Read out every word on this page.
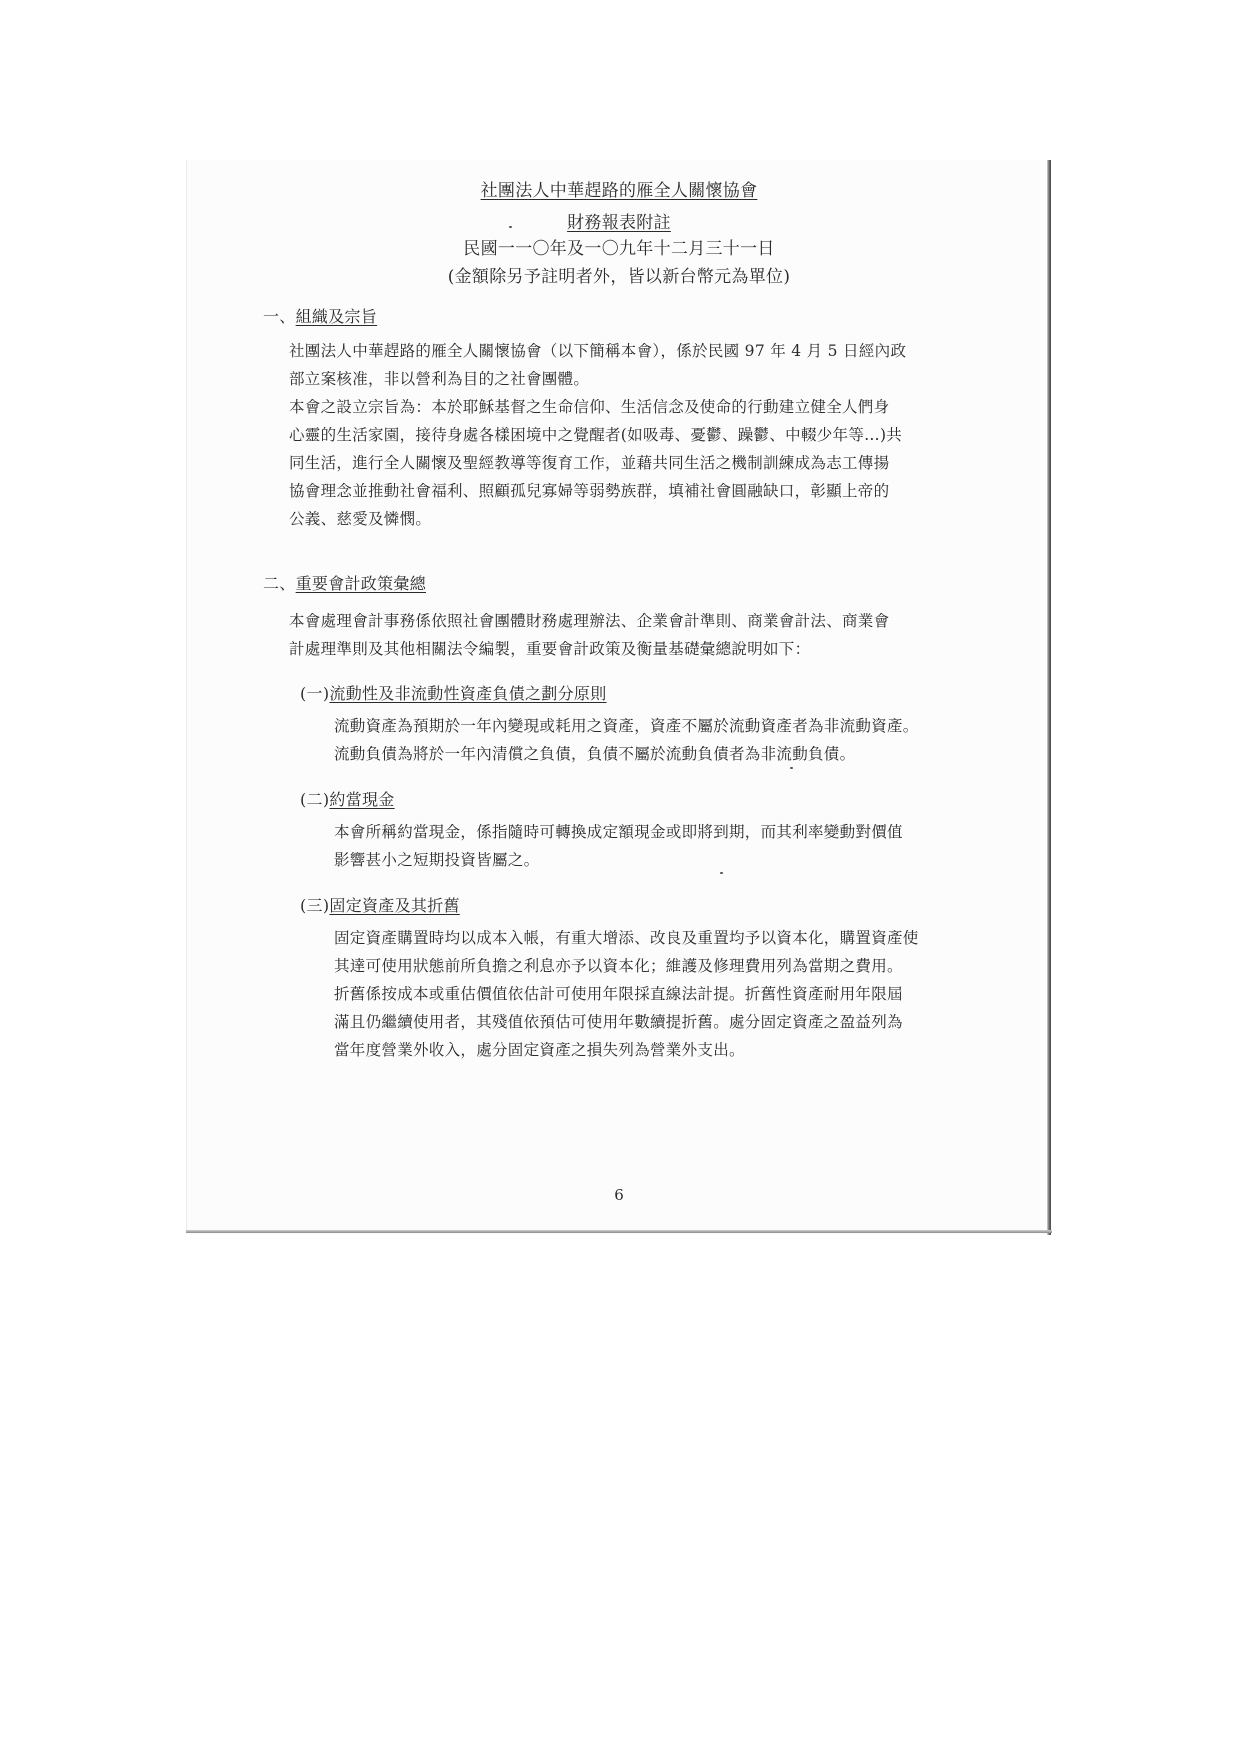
社團法人中華趕路的雁全人關懷協會
財務報表附註
民國一一〇年及一〇九年十二月三十一日
(金額除另予註明者外，皆以新台幣元為單位)
一、組織及宗旨
社團法人中華趕路的雁全人關懷協會（以下簡稱本會），係於民國 97 年 4 月 5 日經內政
部立案核准，非以營利為目的之社會團體。
本會之設立宗旨為：本於耶穌基督之生命信仰、生活信念及使命的行動建立健全人們身
心靈的生活家園，接待身處各樣困境中之覺醒者(如吸毒、憂鬱、躁鬱、中輟少年等…)共
同生活，進行全人關懷及聖經教導等復育工作，並藉共同生活之機制訓練成為志工傳揚
協會理念並推動社會福利、照顧孤兒寡婦等弱勢族群，填補社會圓融缺口，彰顯上帝的
公義、慈愛及憐憫。
二、重要會計政策彙總
本會處理會計事務係依照社會團體財務處理辦法、企業會計準則、商業會計法、商業會
計處理準則及其他相關法令編製，重要會計政策及衡量基礎彙總說明如下：
(一)流動性及非流動性資產負債之劃分原則
流動資產為預期於一年內變現或耗用之資產，資產不屬於流動資產者為非流動資產。
流動負債為將於一年內清償之負債，負債不屬於流動負債者為非流動負債。
(二)約當現金
本會所稱約當現金，係指隨時可轉換成定額現金或即將到期，而其利率變動對價值
影響甚小之短期投資皆屬之。
(三)固定資產及其折舊
固定資產購置時均以成本入帳，有重大增添、改良及重置均予以資本化，購置資產使
其達可使用狀態前所負擔之利息亦予以資本化；維護及修理費用列為當期之費用。
折舊係按成本或重估價值依估計可使用年限採直線法計提。折舊性資產耐用年限屆
滿且仍繼續使用者，其殘值依預估可使用年數續提折舊。處分固定資產之盈益列為
當年度營業外收入，處分固定資產之損失列為營業外支出。
6
